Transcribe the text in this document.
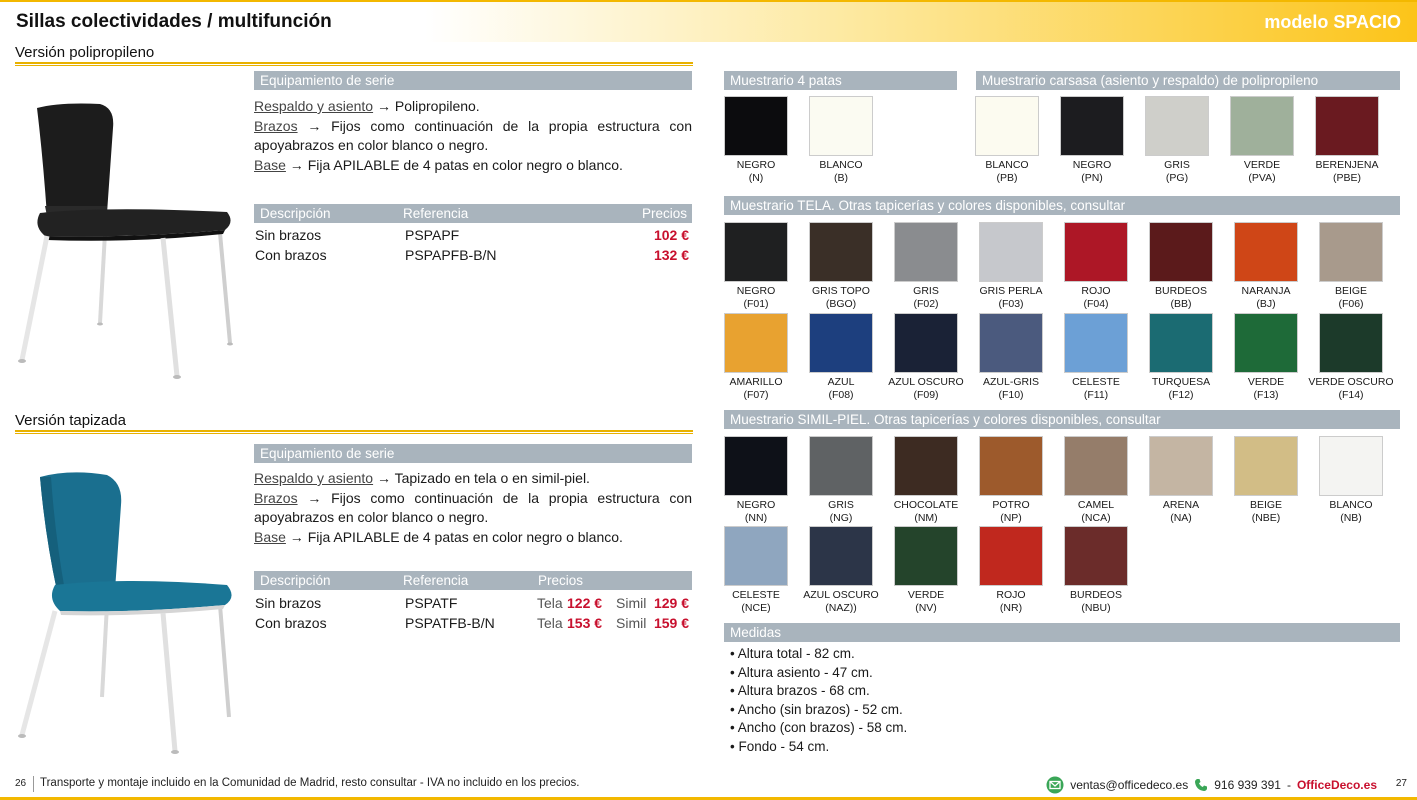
Sillas colectividades / multifunción	modelo SPACIO
Versión polipropileno
Equipamiento de serie
Respaldo y asiento → Polipropileno.
Brazos → Fijos como continuación de la propia estructura con apoyabrazos en color blanco o negro.
Base → Fija APILABLE de 4 patas en color negro o blanco.
Descripción	Referencia	Precios
Sin brazos	PSPAPF	102 €
Con brazos	PSPAPFB-B/N	132 €
Versión tapizada
Equipamiento de serie
Respaldo y asiento → Tapizado en tela o en simil-piel.
Brazos → Fijos como continuación de la propia estructura con apoyabrazos en color blanco o negro.
Base → Fija APILABLE de 4 patas en color negro o blanco.
Descripción	Referencia	Precios
Sin brazos	PSPATF	Tela 122 € Simil 129 €
Con brazos	PSPATFB-B/N	Tela 153 € Simil 159 €
Muestrario 4 patas	Muestrario carsasa (asiento y respaldo) de polipropileno
NEGRO
(N)
BLANCO
(B)
BLANCO
(PB)
NEGRO
(PN)
GRIS
(PG)
VERDE
(PVA)
BERENJENA
(PBE)
Muestrario TELA. Otras tapicerías y colores disponibles, consultar
NEGRO
(F01)
GRIS TOPO
(BGO)
GRIS
(F02)
GRIS PERLA
(F03)
ROJO
(F04)
BURDEOS
(BB)
NARANJA
(BJ)
BEIGE
(F06)
AMARILLO
(F07)
AZUL
(F08)
AZUL OSCURO
(F09)
AZUL-GRIS
(F10)
CELESTE
(F11)
TURQUESA
(F12)
VERDE
(F13)
VERDE OSCURO
(F14)
Muestrario SIMIL-PIEL. Otras tapicerías y colores disponibles, consultar
NEGRO
(NN)
GRIS
(NG)
CHOCOLATE
(NM)
POTRO
(NP)
CAMEL
(NCA)
ARENA
(NA)
BEIGE
(NBE)
BLANCO
(NB)
CELESTE
(NCE)
AZUL OSCURO
(NAZ))
VERDE
(NV)
ROJO
(NR)
BURDEOS
(NBU)
Medidas
• Altura total - 82 cm.
• Altura asiento - 47 cm.
• Altura brazos - 68 cm.
• Ancho (sin brazos) - 52 cm.
• Ancho (con brazos) - 58 cm.
• Fondo - 54 cm.
26 Transporte y montaje incluido en la Comunidad de Madrid, resto consultar - IVA no incluido en los precios.	ventas@officedeco.es 916 939 391 - OfficeDeco.es 27
